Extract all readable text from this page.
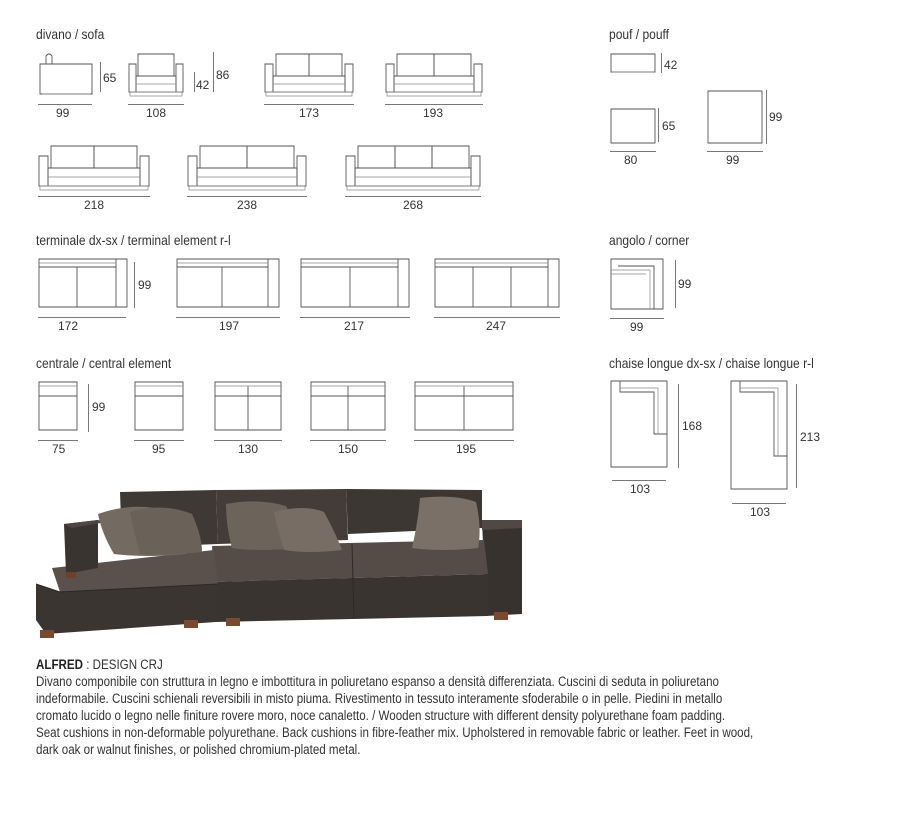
divano / sofa	pouf / pouff
terminale dx-sx / terminal element r-l	angolo / corner
centrale / central element	chaise longue dx-sx / chaise longue r-l
65	42
86
99	108	173	193
218	238	268
42
65
80
99
99
99
172	197	217	247
99
99
99
75	95	130	150	195
168
103
213
103

ALFRED : DESIGN CRJ

Divano componibile con struttura in legno e imbottitura in poliuretano espanso a densità differenziata. Cuscini di seduta in poliuretano

indeformabile. Cuscini schienali reversibili in misto piuma. Rivestimento in tessuto interamente sfoderabile o in pelle. Piedini in metallo

cromato lucido o legno nelle finiture rovere moro, noce canaletto. / Wooden structure with different density polyurethane foam padding.

Seat cushions in non-deformable polyurethane. Back cushions in fibre-feather mix. Upholstered in removable fabric or leather. Feet in wood,

dark oak or walnut finishes, or polished chromium-plated metal.
